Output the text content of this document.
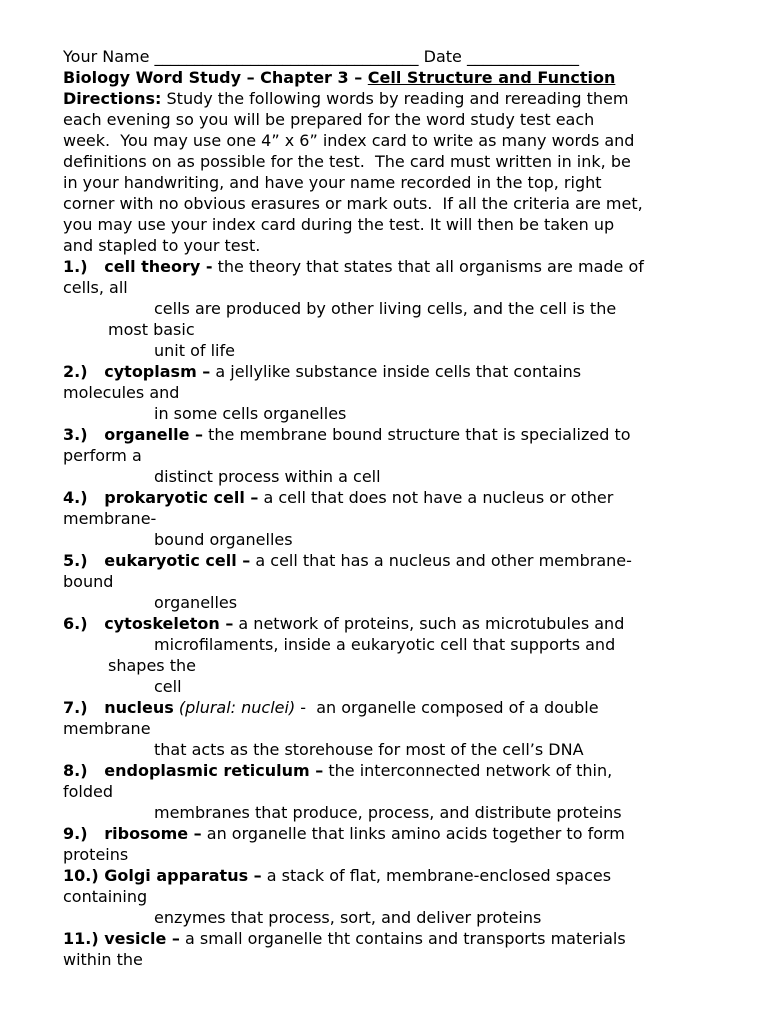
Your Name _________________________________ Date ______________
Biology Word Study – Chapter 3 – Cell Structure and Function
Directions: Study the following words by reading and rereading them
each evening so you will be prepared for the word study test each
week.  You may use one 4” x 6” index card to write as many words and
definitions on as possible for the test.  The card must written in ink, be
in your handwriting, and have your name recorded in the top, right
corner with no obvious erasures or mark outs.  If all the criteria are met,
you may use your index card during the test. It will then be taken up
and stapled to your test.
1.) cell theory - the theory that states that all organisms are made of
cells, all
cells are produced by other living cells, and the cell is the
most basic
unit of life
2.) cytoplasm – a jellylike substance inside cells that contains
molecules and
in some cells organelles
3.) organelle – the membrane bound structure that is specialized to
perform a
distinct process within a cell
4.) prokaryotic cell – a cell that does not have a nucleus or other
membrane-
bound organelles
5.) eukaryotic cell – a cell that has a nucleus and other membrane-
bound
organelles
6.) cytoskeleton – a network of proteins, such as microtubules and
microfilaments, inside a eukaryotic cell that supports and
shapes the
cell
7.) nucleus (plural: nuclei) -  an organelle composed of a double
membrane
that acts as the storehouse for most of the cell’s DNA
8.) endoplasmic reticulum – the interconnected network of thin,
folded
membranes that produce, process, and distribute proteins
9.) ribosome – an organelle that links amino acids together to form
proteins
10.) Golgi apparatus – a stack of flat, membrane-enclosed spaces
containing
enzymes that process, sort, and deliver proteins
11.) vesicle – a small organelle tht contains and transports materials
within the
